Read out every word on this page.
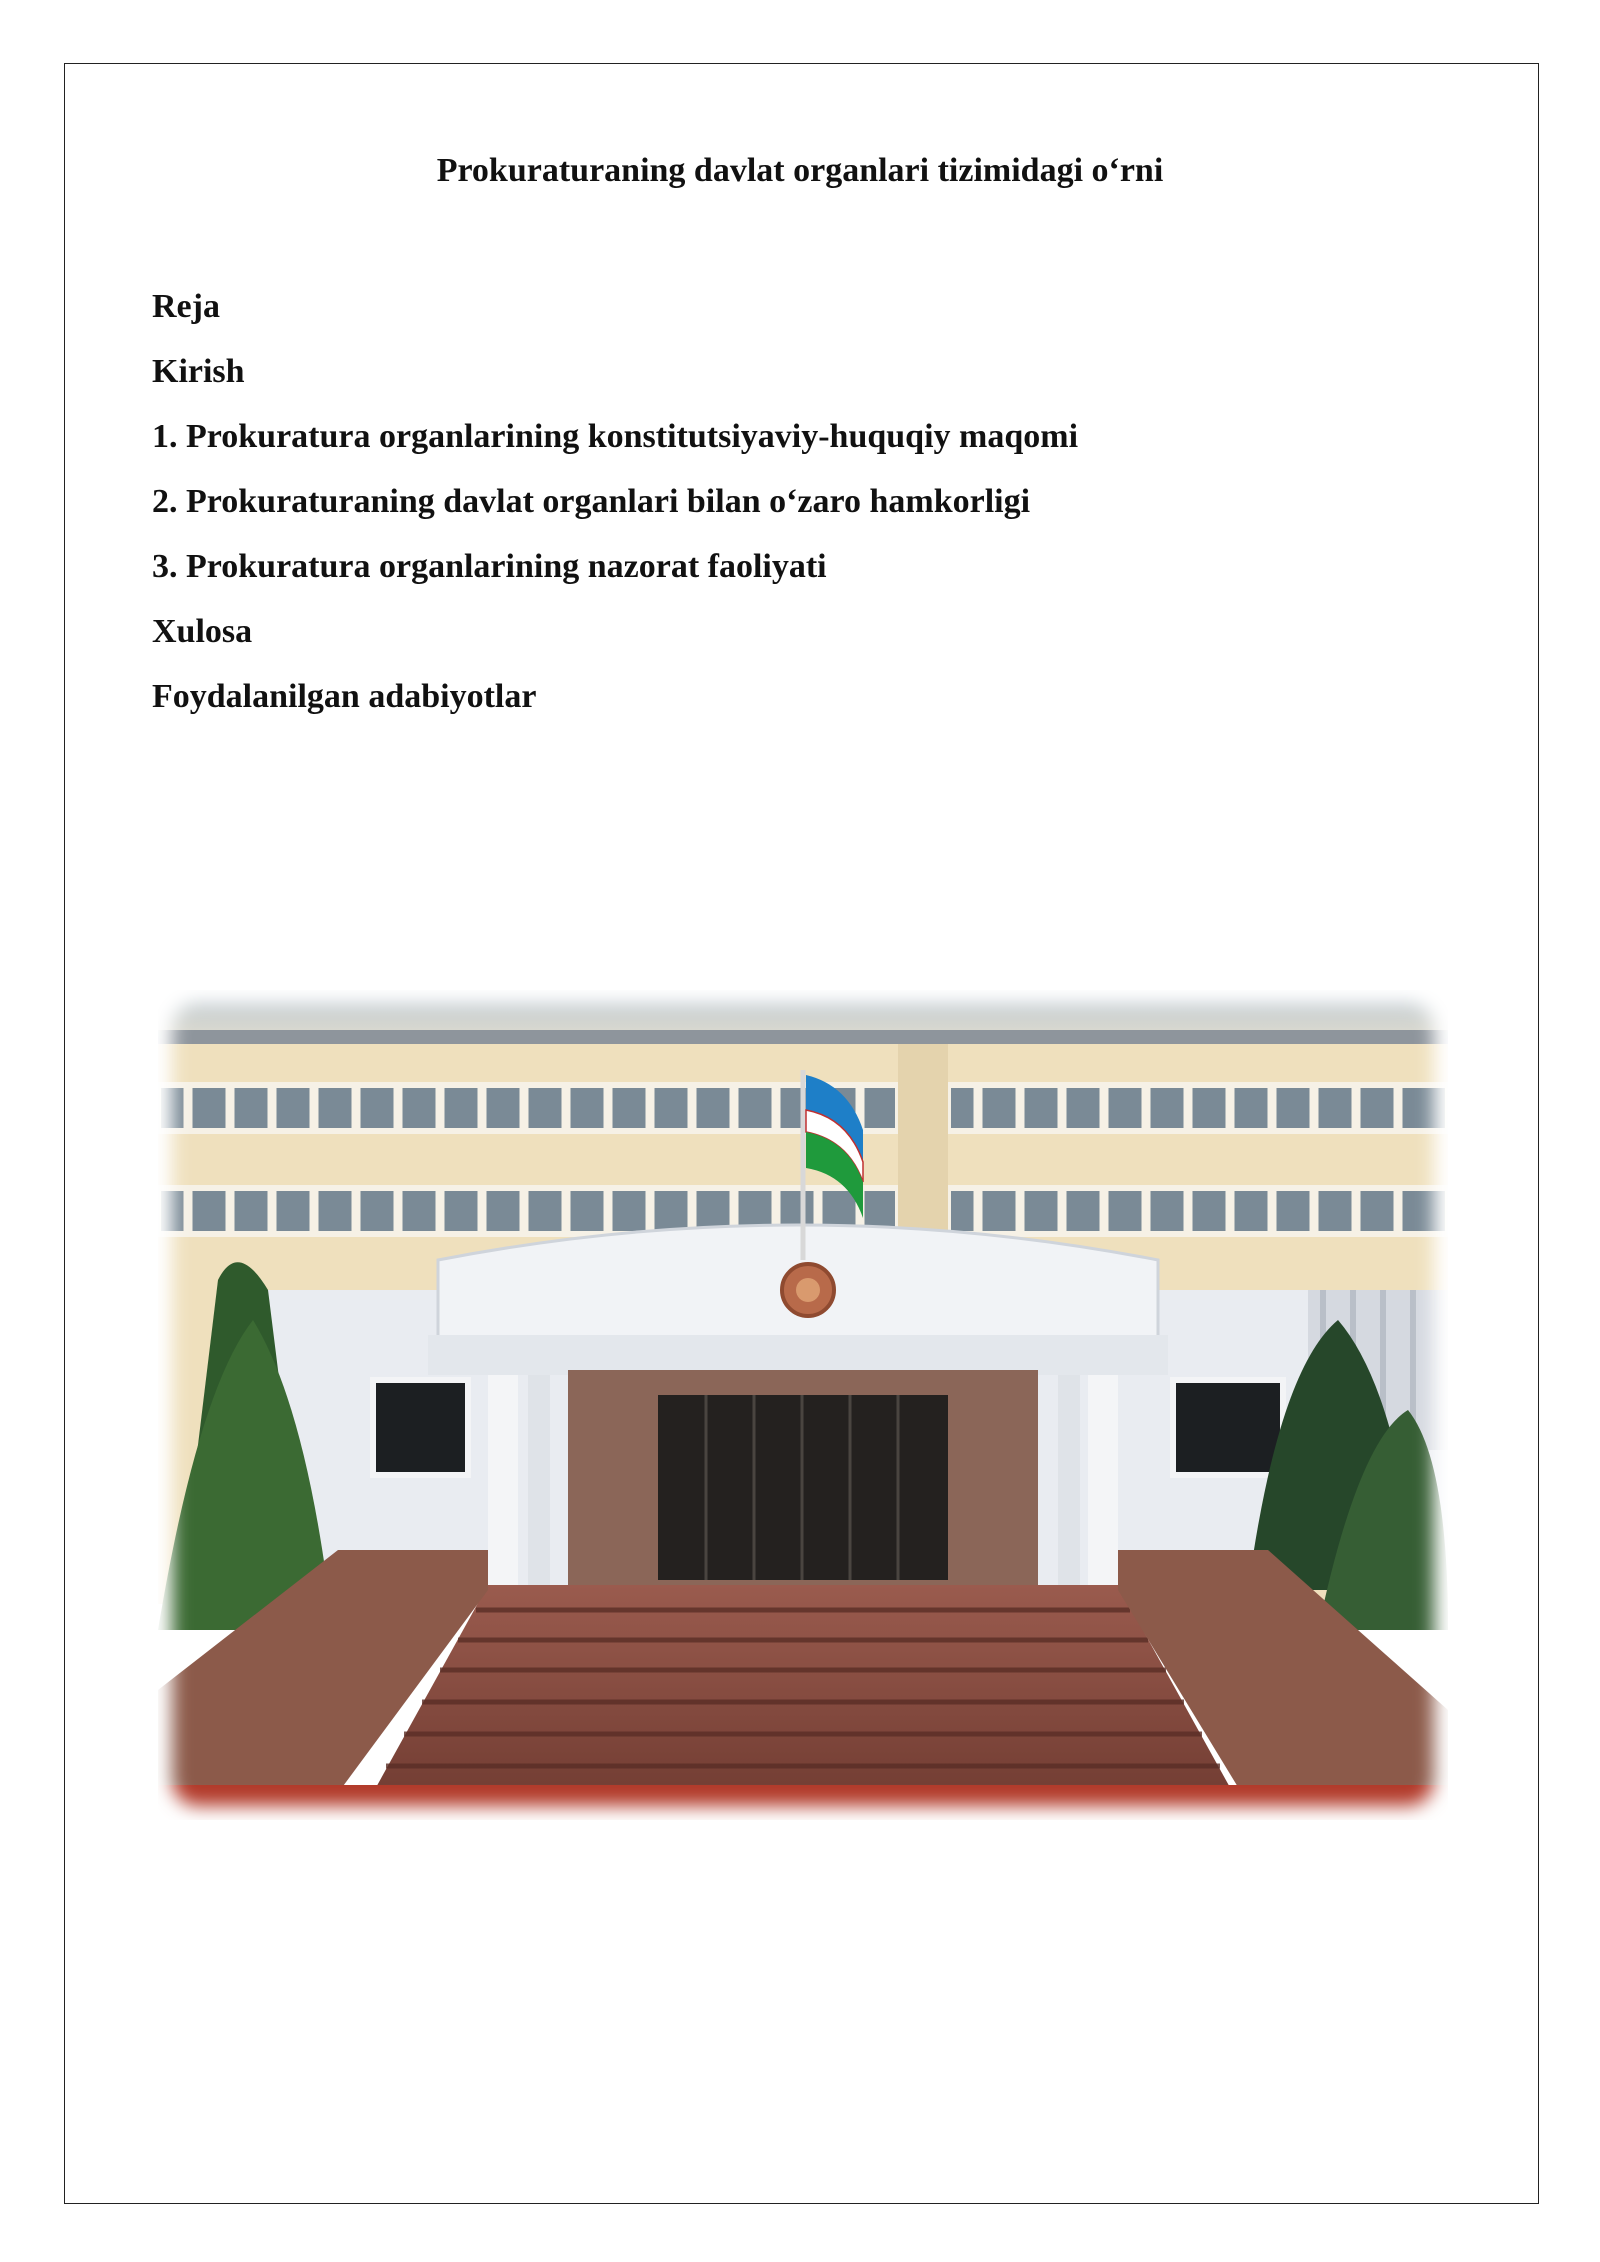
Prokuraturaning davlat organlari tizimidagi o‘rni
Reja
Kirish
1. Prokuratura organlarining konstitutsiyaviy-huquqiy maqomi
2. Prokuraturaning davlat organlari bilan o‘zaro hamkorligi
3. Prokuratura organlarining nazorat faoliyati
Xulosa
Foydalanilgan adabiyotlar
